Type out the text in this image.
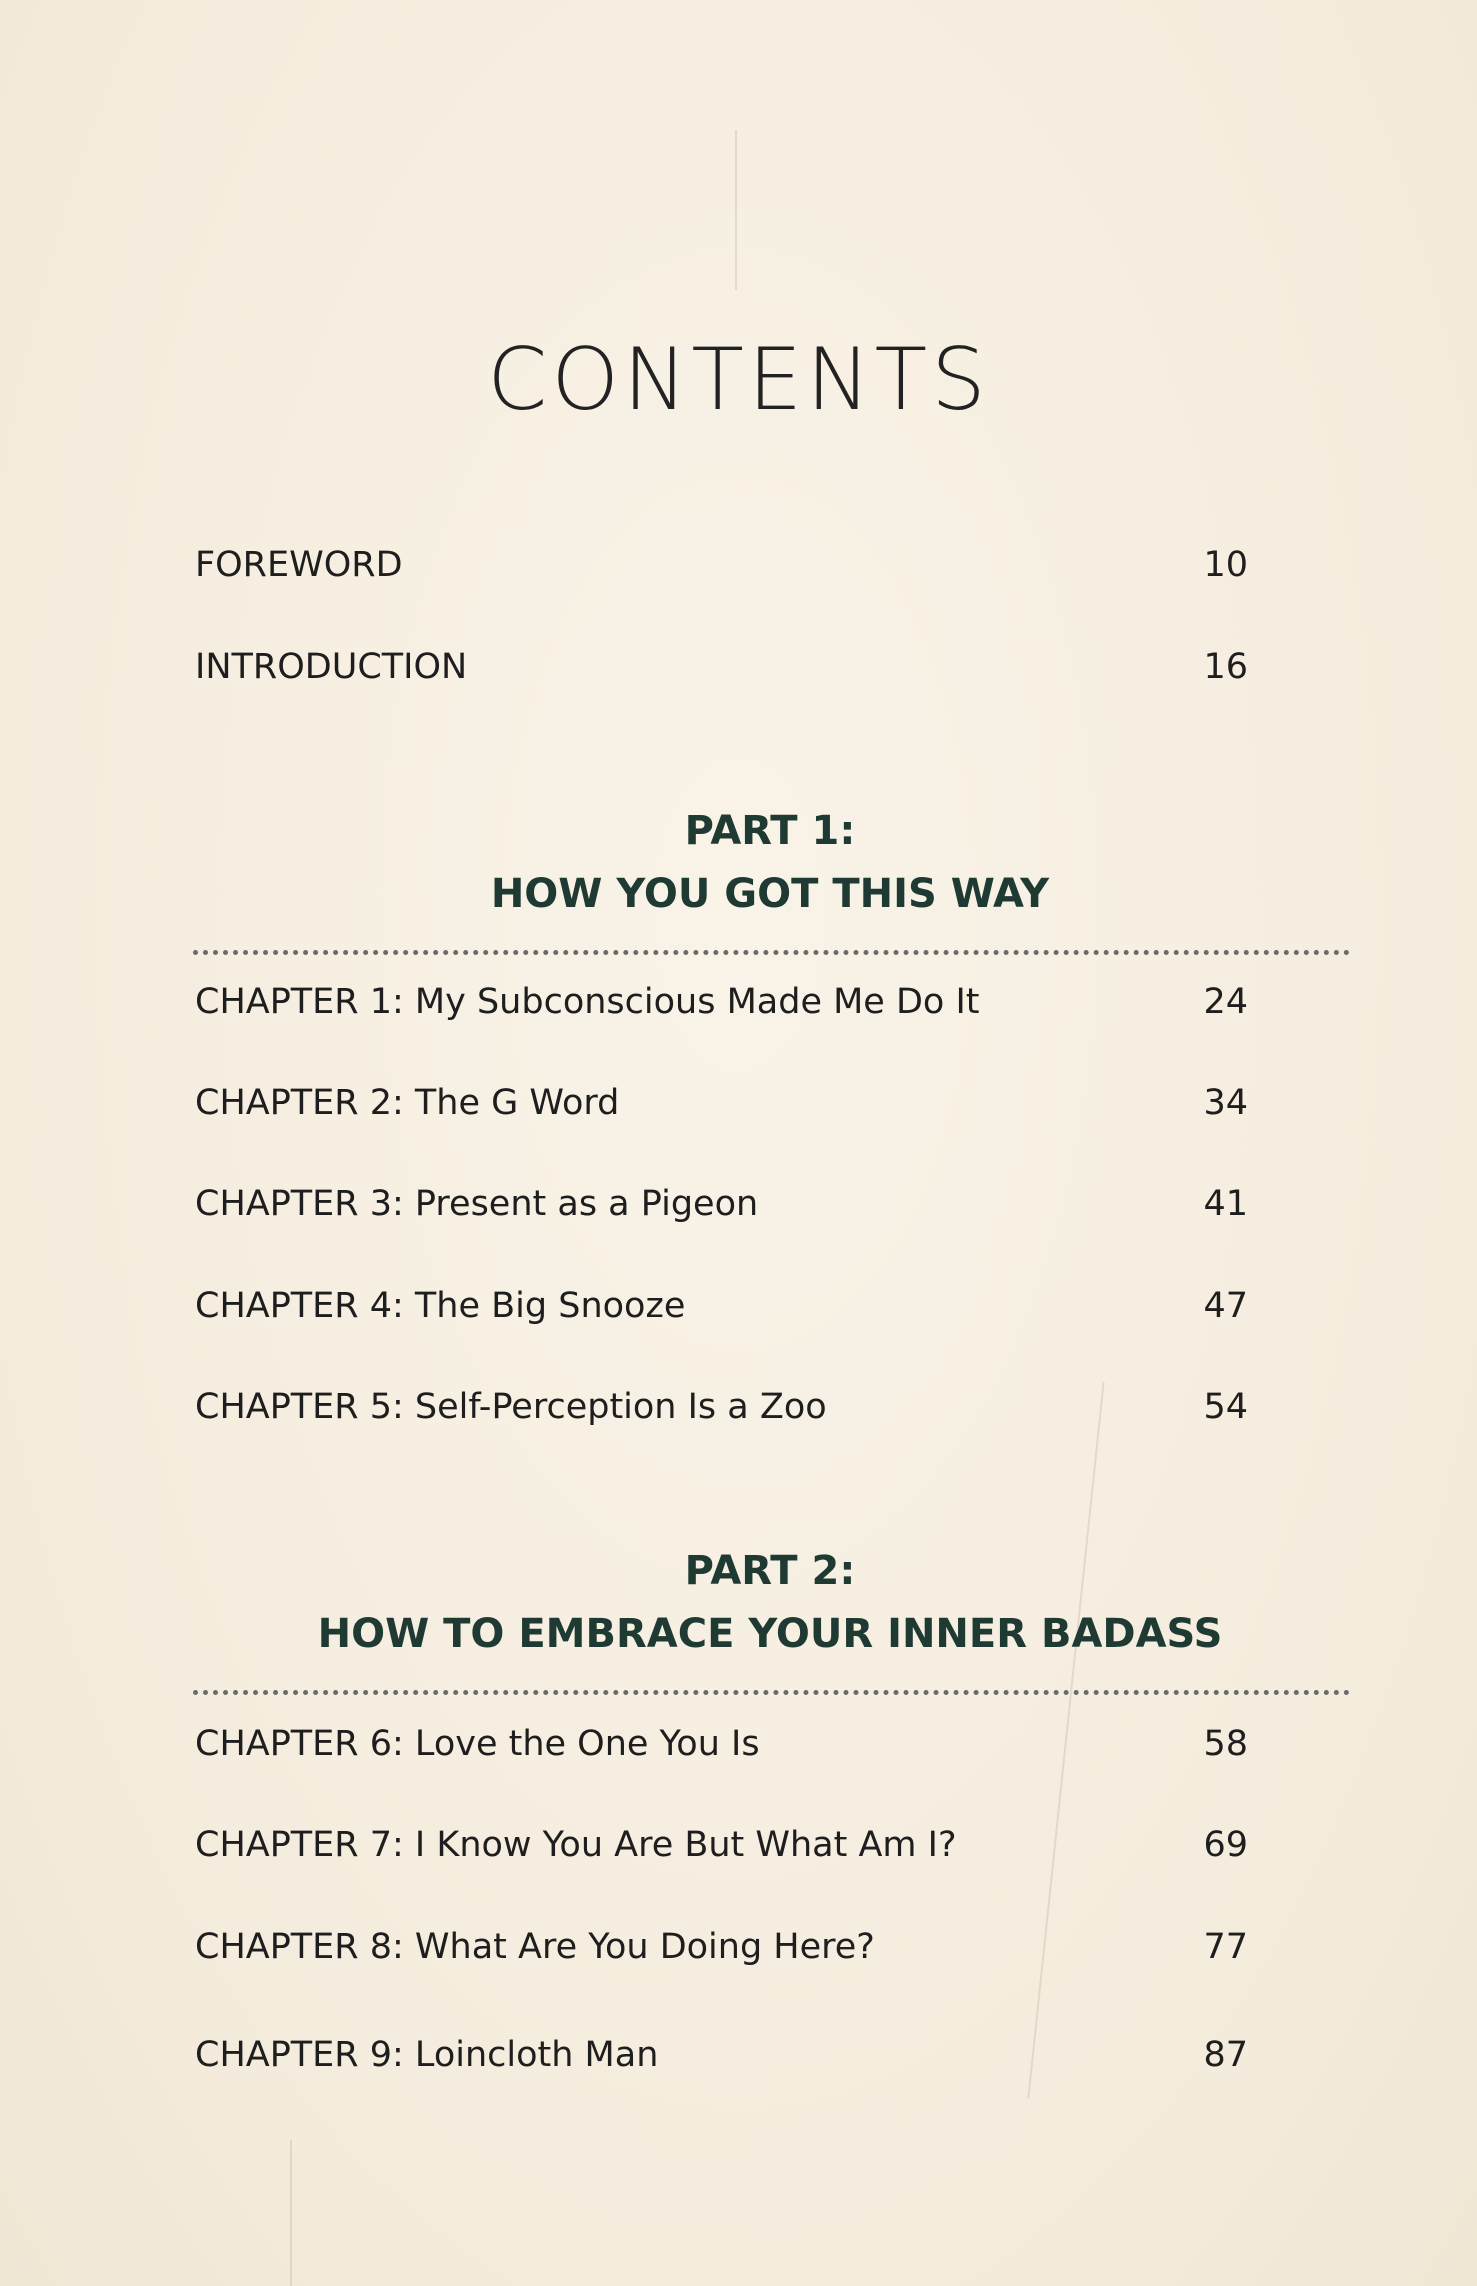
CONTENTS
FOREWORD	10
INTRODUCTION	16
PART 1:
HOW YOU GOT THIS WAY
CHAPTER 1: My Subconscious Made Me Do It	24
CHAPTER 2: The G Word	34
CHAPTER 3: Present as a Pigeon	41
CHAPTER 4: The Big Snooze	47
CHAPTER 5: Self-Perception Is a Zoo	54
PART 2:
HOW TO EMBRACE YOUR INNER BADASS
CHAPTER 6: Love the One You Is	58
CHAPTER 7: I Know You Are But What Am I?	69
CHAPTER 8: What Are You Doing Here?	77
CHAPTER 9: Loincloth Man	87
